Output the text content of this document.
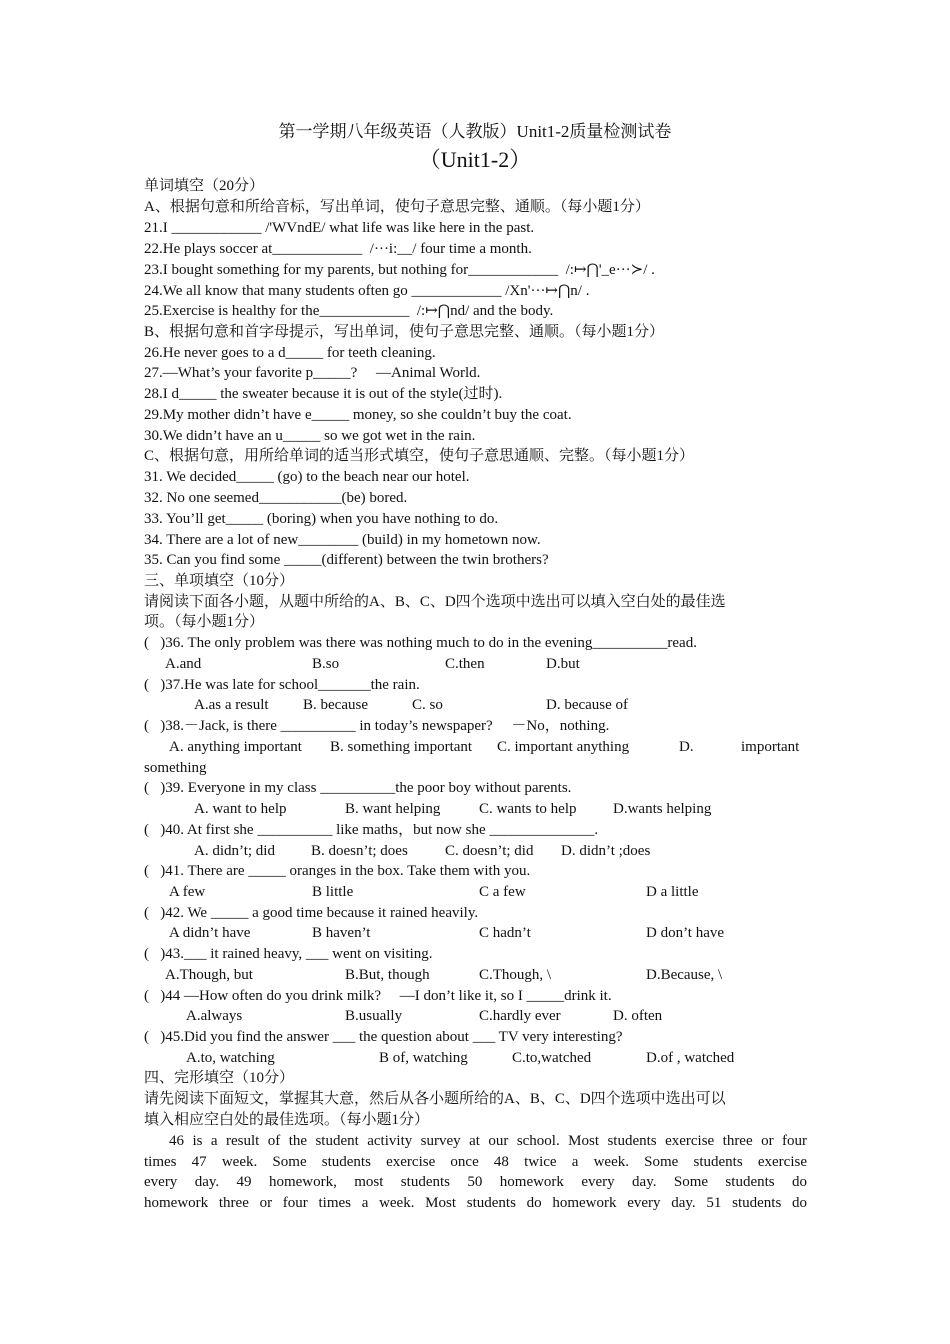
第一学期八年级英语（人教版）Unit1-2质量检测试卷
（Unit1-2）
单词填空（20分）
A、根据句意和所给音标，写出单词，使句子意思完整、通顺。（每小题1分）
21.I ____________ /'WVndE/ what life was like here in the past.
22.He plays soccer at____________  /···i:__/ four time a month.
23.I bought something for my parents, but nothing for____________  /:↦⋂'_e···≻/ .
24.We all know that many students often go ____________ /Xn'···↦⋂n/ .
25.Exercise is healthy for the____________  /:↦⋂nd/ and the body.
B、根据句意和首字母提示，写出单词，使句子意思完整、通顺。（每小题1分）
26.He never goes to a d_____ for teeth cleaning.
27.—What’s your favorite p_____?     —Animal World.
28.I d_____ the sweater because it is out of the style(过时).
29.My mother didn’t have e_____ money, so she couldn’t buy the coat.
30.We didn’t have an u_____ so we got wet in the rain.
C、根据句意，用所给单词的适当形式填空，使句子意思通顺、完整。（每小题1分）
31. We decided_____ (go) to the beach near our hotel.
32. No one seemed___________(be) bored.
33. You’ll get_____ (boring) when you have nothing to do.
34. There are a lot of new________ (build) in my hometown now.
35. Can you find some _____(different) between the twin brothers?
三、单项填空（10分）
请阅读下面各小题，从题中所给的A、B、C、D四个选项中选出可以填入空白处的最佳选
项。（每小题1分）
(   )36. The only problem was there was nothing much to do in the evening__________read.
A.and	B.so	C.then	D.but
(   )37.He was late for school_______the rain.
A.as a result B. because	C. so	D. because of
(   )38.－Jack, is there __________ in today’s newspaper?     －No，nothing.
A. anything important B. something important C. important anything	D.	important
something
(   )39. Everyone in my class __________the poor boy without parents.
A. want to help	B. want helping	C. wants to help D.wants helping
(   )40. At first she __________ like maths，but now she ______________.
A. didn’t; did B. doesn’t; does C. doesn’t; did D. didn’t ;does
(   )41. There are _____ oranges in the box. Take them with you.
A few	B little	C a few	D a little
(   )42. We _____ a good time because it rained heavily.
A didn’t have	B haven’t	C hadn’t	D don’t have
(   )43.___ it rained heavy, ___ went on visiting.
A.Though, but	B.But, though	C.Though, \	D.Because, \
(   )44 —How often do you drink milk?     —I don’t like it, so I _____drink it.
A.always	B.usually	C.hardly ever	D. often
(   )45.Did you find the answer ___ the question about ___ TV very interesting?
A.to, watching	B of, watching	C.to,watched	D.of , watched
四、完形填空（10分）
请先阅读下面短文，掌握其大意，然后从各小题所给的A、B、C、D四个选项中选出可以
填入相应空白处的最佳选项。（每小题1分）
46 is a result of the student activity survey at our school. Most students exercise three or four
times 47 week. Some students exercise once 48 twice a week. Some students exercise
every day. 49 homework, most students 50 homework every day. Some students do
homework three or four times a week. Most students do homework every day. 51 students do
